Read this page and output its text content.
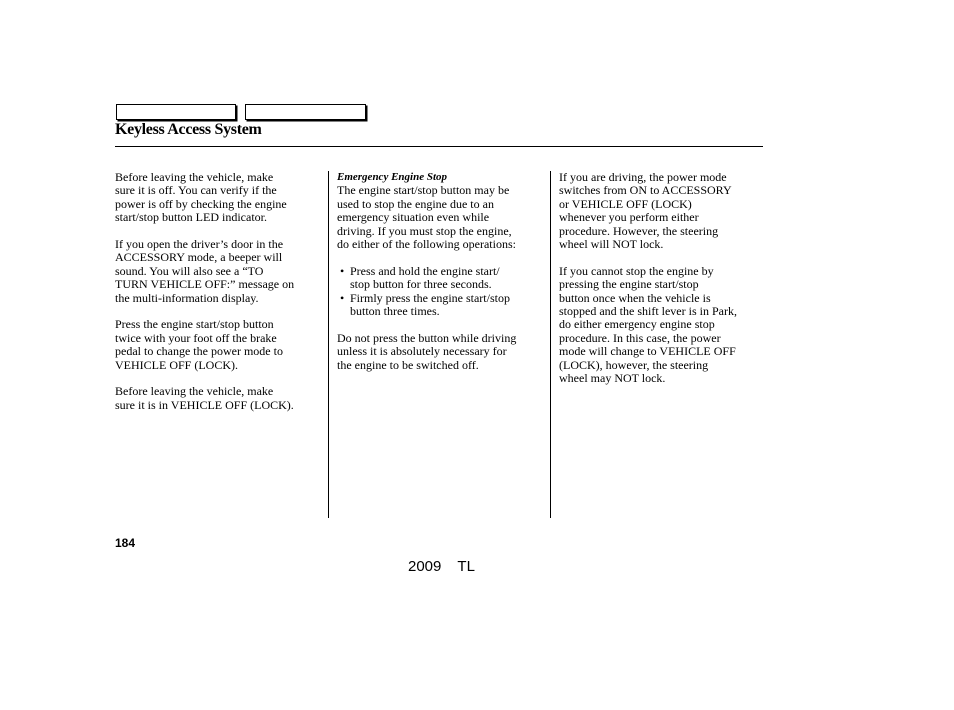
Keyless Access System

Before leaving the vehicle, make
sure it is off. You can verify if the
power is off by checking the engine
start/stop button LED indicator.

If you open the driver’s door in the
ACCESSORY mode, a beeper will
sound. You will also see a “TO
TURN VEHICLE OFF:” message on
the multi-information display.

Press the engine start/stop button
twice with your foot off the brake
pedal to change the power mode to
VEHICLE OFF (LOCK).

Before leaving the vehicle, make
sure it is in VEHICLE OFF (LOCK).

Emergency Engine Stop

The engine start/stop button may be
used to stop the engine due to an
emergency situation even while
driving. If you must stop the engine,
do either of the following operations:

• Press and hold the engine start/
stop button for three seconds.
• Firmly press the engine start/stop
button three times.

Do not press the button while driving
unless it is absolutely necessary for
the engine to be switched off.

If you are driving, the power mode
switches from ON to ACCESSORY
or VEHICLE OFF (LOCK)
whenever you perform either
procedure. However, the steering
wheel will NOT lock.

If you cannot stop the engine by
pressing the engine start/stop
button once when the vehicle is
stopped and the shift lever is in Park,
do either emergency engine stop
procedure. In this case, the power
mode will change to VEHICLE OFF
(LOCK), however, the steering
wheel may NOT lock.

184
2009  TL
